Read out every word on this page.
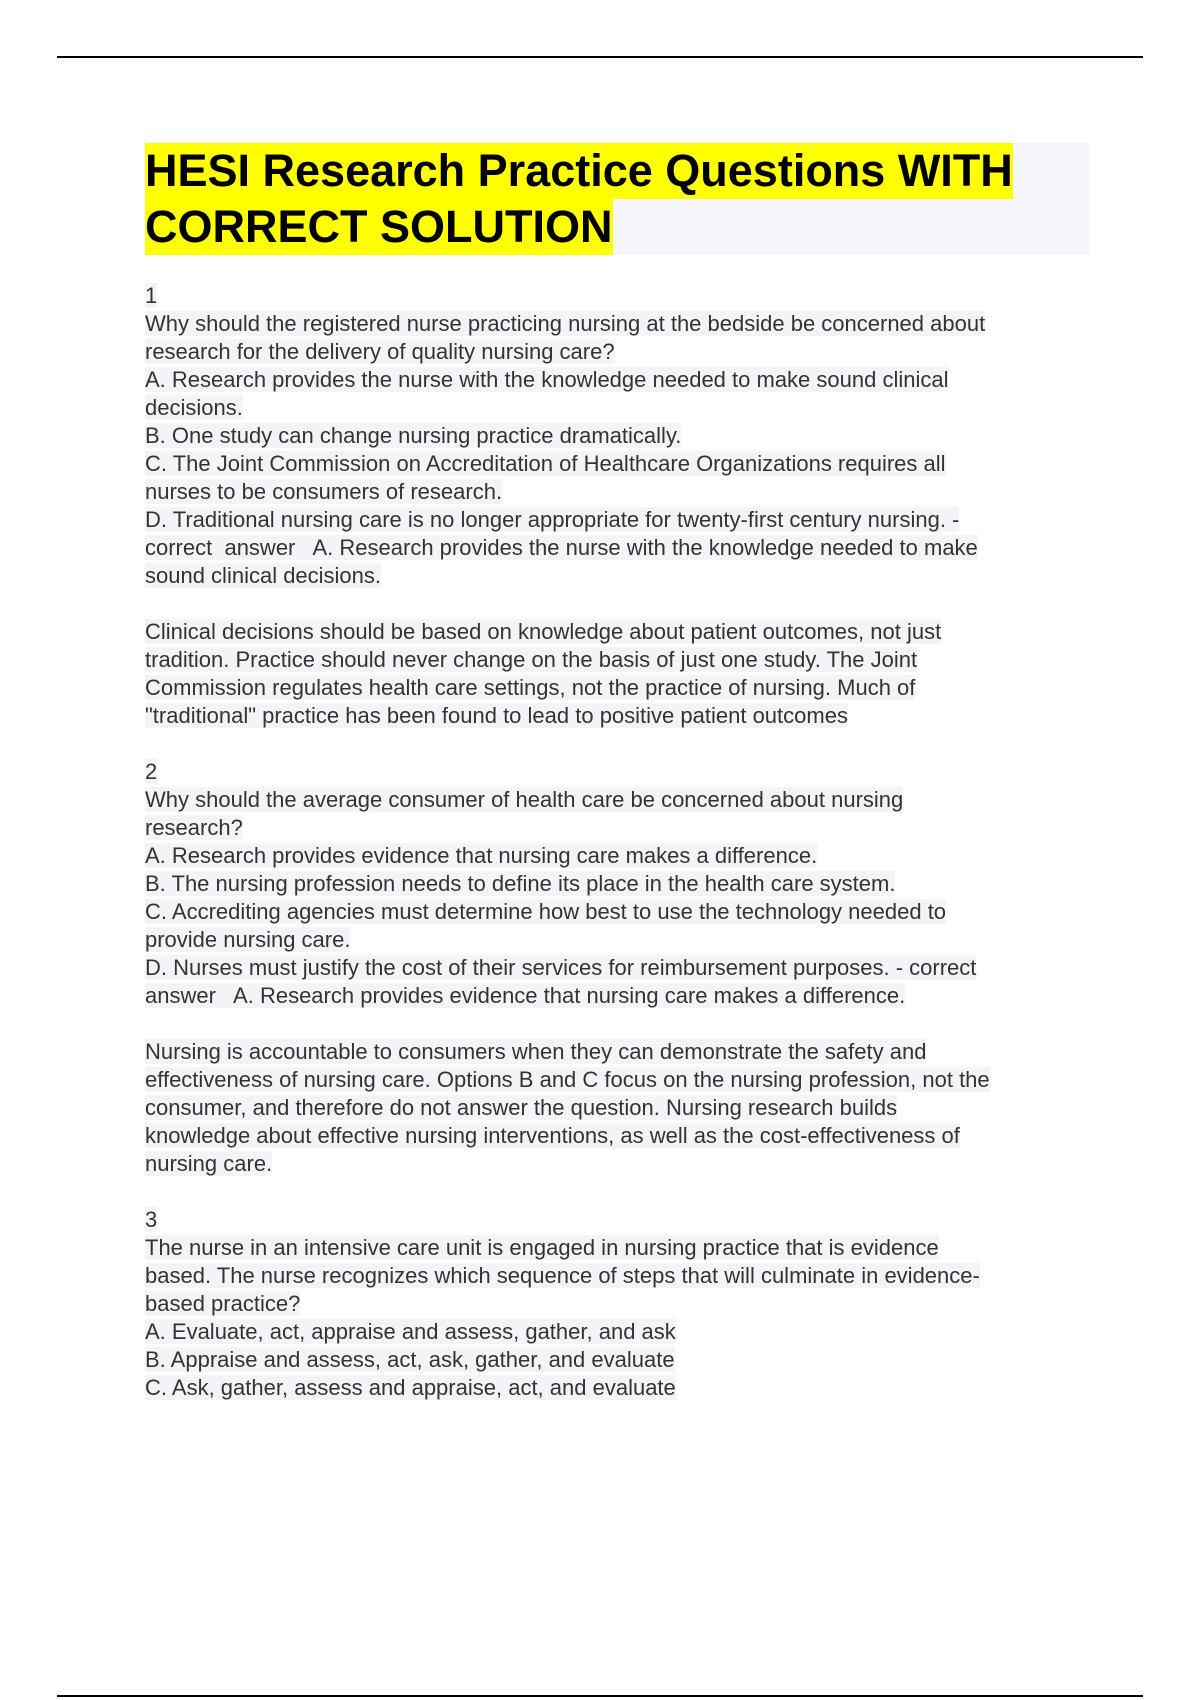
HESI Research Practice Questions WITH
CORRECT SOLUTION
1
Why should the registered nurse practicing nursing at the bedside be concerned about
research for the delivery of quality nursing care?
A. Research provides the nurse with the knowledge needed to make sound clinical
decisions.
B. One study can change nursing practice dramatically.
C. The Joint Commission on Accreditation of Healthcare Organizations requires all
nurses to be consumers of research.
D. Traditional nursing care is no longer appropriate for twenty-first century nursing. -
correct  answer   A. Research provides the nurse with the knowledge needed to make
sound clinical decisions.
Clinical decisions should be based on knowledge about patient outcomes, not just
tradition. Practice should never change on the basis of just one study. The Joint
Commission regulates health care settings, not the practice of nursing. Much of
"traditional" practice has been found to lead to positive patient outcomes
2
Why should the average consumer of health care be concerned about nursing
research?
A. Research provides evidence that nursing care makes a difference.
B. The nursing profession needs to define its place in the health care system.
C. Accrediting agencies must determine how best to use the technology needed to
provide nursing care.
D. Nurses must justify the cost of their services for reimbursement purposes. - correct
answer   A. Research provides evidence that nursing care makes a difference.
Nursing is accountable to consumers when they can demonstrate the safety and
effectiveness of nursing care. Options B and C focus on the nursing profession, not the
consumer, and therefore do not answer the question. Nursing research builds
knowledge about effective nursing interventions, as well as the cost-effectiveness of
nursing care.
3
The nurse in an intensive care unit is engaged in nursing practice that is evidence
based. The nurse recognizes which sequence of steps that will culminate in evidence-
based practice?
A. Evaluate, act, appraise and assess, gather, and ask
B. Appraise and assess, act, ask, gather, and evaluate
C. Ask, gather, assess and appraise, act, and evaluate
